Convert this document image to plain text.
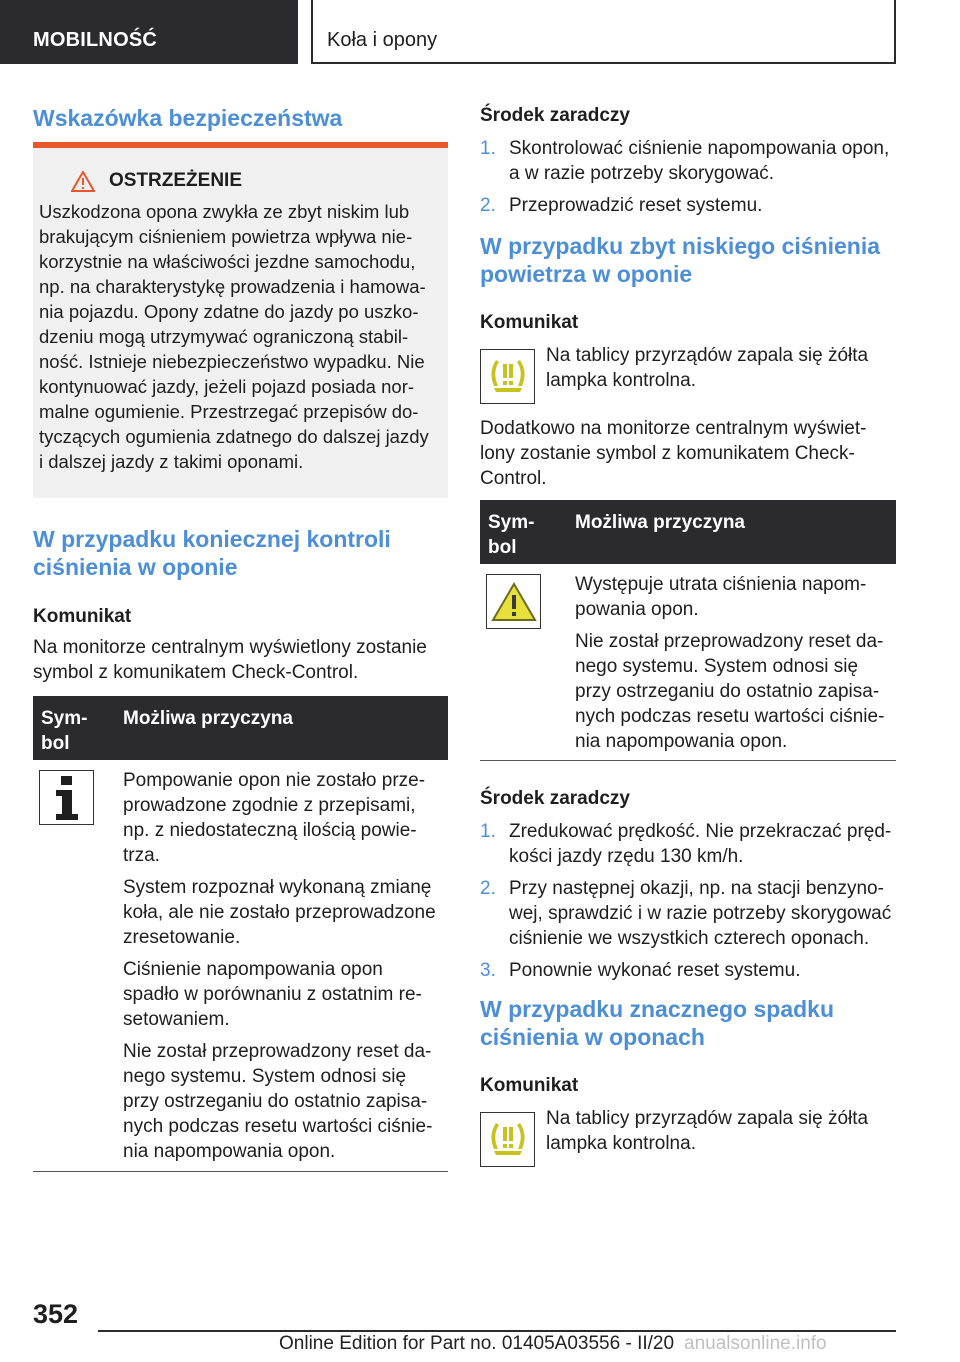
MOBILNOŚĆ	Koła i opony
Wskazówka bezpieczeństwa
OSTRZEŻENIE
Uszkodzona opona zwykła ze zbyt niskim lub
brakującym ciśnieniem powietrza wpływa nie-
korzystnie na właściwości jezdne samochodu,
np. na charakterystykę prowadzenia i hamowa-
nia pojazdu. Opony zdatne do jazdy po uszko-
dzeniu mogą utrzymywać ograniczoną stabil-
ność. Istnieje niebezpieczeństwo wypadku. Nie
kontynuować jazdy, jeżeli pojazd posiada nor-
malne ogumienie. Przestrzegać przepisów do-
tyczących ogumienia zdatnego do dalszej jazdy
i dalszej jazdy z takimi oponami.
W przypadku koniecznej kontroli
ciśnienia w oponie
Komunikat
Na monitorze centralnym wyświetlony zostanie
symbol z komunikatem Check-Control.
Sym-
bol
Możliwa przyczyna
Pompowanie opon nie zostało prze-
prowadzone zgodnie z przepisami,
np. z niedostateczną ilością powie-
trza.
System rozpoznał wykonaną zmianę
koła, ale nie zostało przeprowadzone
zresetowanie.
Ciśnienie napompowania opon
spadło w porównaniu z ostatnim re-
setowaniem.
Nie został przeprowadzony reset da-
nego systemu. System odnosi się
przy ostrzeganiu do ostatnio zapisa-
nych podczas resetu wartości ciśnie-
nia napompowania opon.
Środek zaradczy
1. Skontrolować ciśnienie napompowania opon,
a w razie potrzeby skorygować.
2. Przeprowadzić reset systemu.
W przypadku zbyt niskiego ciśnienia
powietrza w oponie
Komunikat
Na tablicy przyrządów zapala się żółta
lampka kontrolna.
Dodatkowo na monitorze centralnym wyświet-
lony zostanie symbol z komunikatem Check-
Control.
Sym-
bol
Możliwa przyczyna
Występuje utrata ciśnienia napom-
powania opon.
Nie został przeprowadzony reset da-
nego systemu. System odnosi się
przy ostrzeganiu do ostatnio zapisa-
nych podczas resetu wartości ciśnie-
nia napompowania opon.
Środek zaradczy
1. Zredukować prędkość. Nie przekraczać pręd-
kości jazdy rzędu 130 km/h.
2. Przy następnej okazji, np. na stacji benzyno-
wej, sprawdzić i w razie potrzeby skorygować
ciśnienie we wszystkich czterech oponach.
3. Ponownie wykonać reset systemu.
W przypadku znacznego spadku
ciśnienia w oponach
Komunikat
Na tablicy przyrządów zapala się żółta
lampka kontrolna.
352
Online Edition for Part no. 01405A03556 - II/20 anualsonline.info
